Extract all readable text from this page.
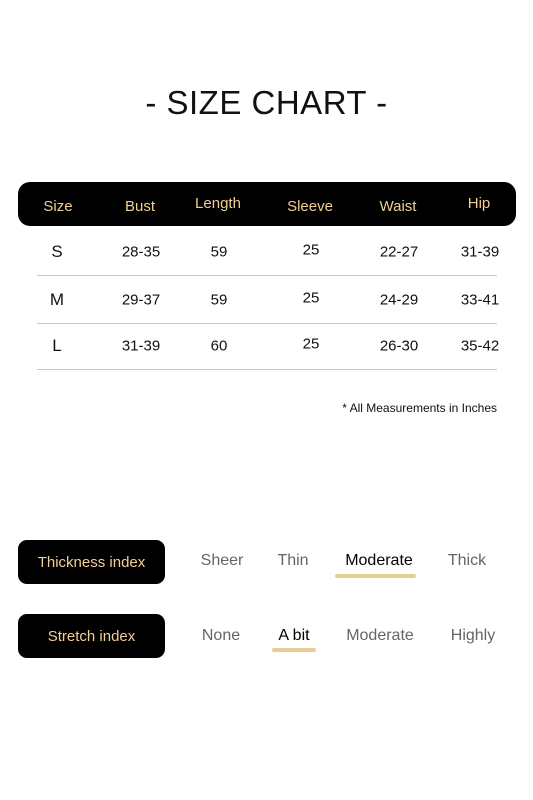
- SIZE CHART -
Size	Bust	Length	Sleeve	Waist	Hip
S	28-35	59	25	22-27	31-39
M	29-37	59	25	24-29	33-41
L	31-39	60	25	26-30	35-42
* All Measurements in Inches
Thickness index	Sheer Thin Moderate Thick
Stretch index	None A bit Moderate Highly
